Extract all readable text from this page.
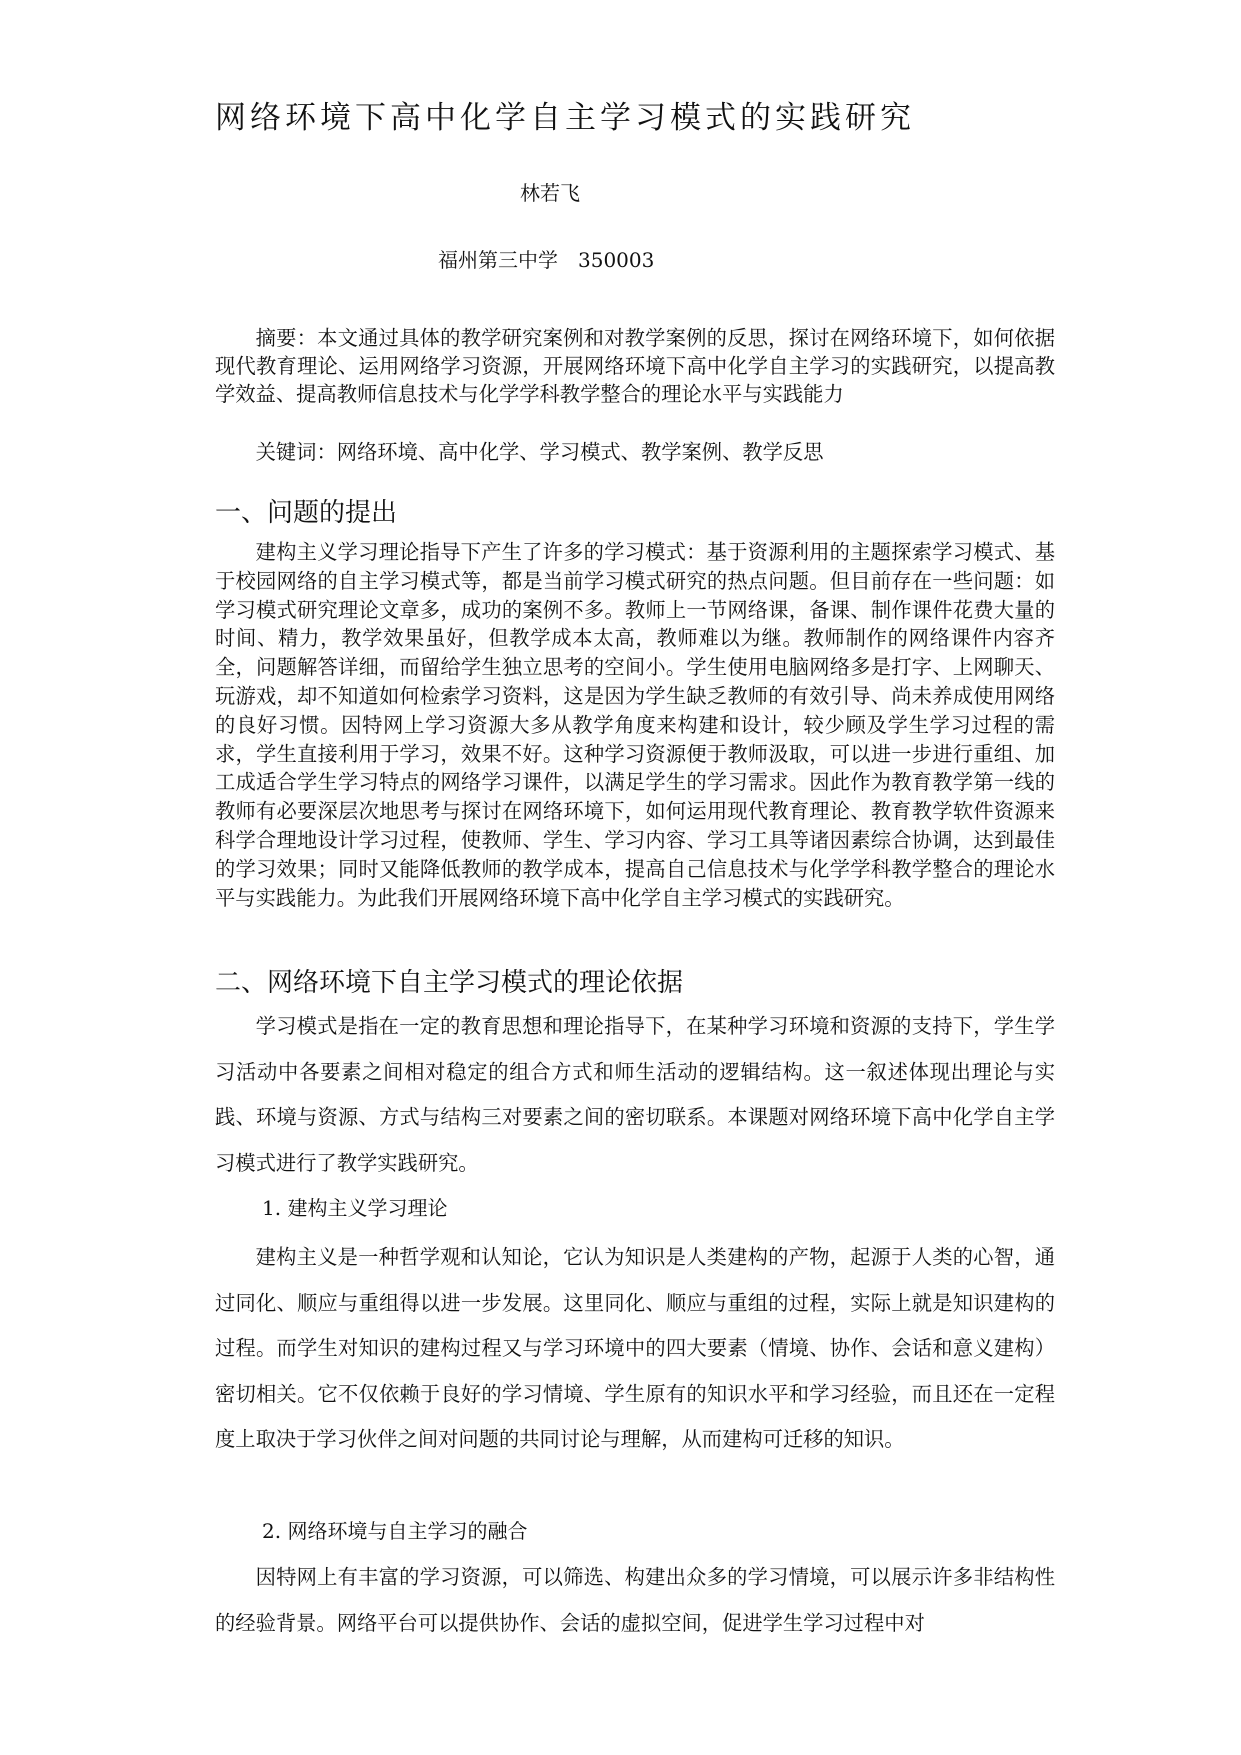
网络环境下高中化学自主学习模式的实践研究

林若飞

福州第三中学　350003

摘要：本文通过具体的教学研究案例和对教学案例的反思，探讨在网络环境下，如何依据现代教育理论、运用网络学习资源，开展网络环境下高中化学自主学习的实践研究，以提高教学效益、提高教师信息技术与化学学科教学整合的理论水平与实践能力

关键词：网络环境、高中化学、学习模式、教学案例、教学反思

一、问题的提出

建构主义学习理论指导下产生了许多的学习模式：基于资源利用的主题探索学习模式、基于校园网络的自主学习模式等，都是当前学习模式研究的热点问题。但目前存在一些问题：如学习模式研究理论文章多，成功的案例不多。教师上一节网络课，备课、制作课件花费大量的时间、精力，教学效果虽好，但教学成本太高，教师难以为继。教师制作的网络课件内容齐全，问题解答详细，而留给学生独立思考的空间小。学生使用电脑网络多是打字、上网聊天、玩游戏，却不知道如何检索学习资料，这是因为学生缺乏教师的有效引导、尚未养成使用网络的良好习惯。因特网上学习资源大多从教学角度来构建和设计，较少顾及学生学习过程的需求，学生直接利用于学习，效果不好。这种学习资源便于教师汲取，可以进一步进行重组、加工成适合学生学习特点的网络学习课件，以满足学生的学习需求。因此作为教育教学第一线的教师有必要深层次地思考与探讨在网络环境下，如何运用现代教育理论、教育教学软件资源来科学合理地设计学习过程，使教师、学生、学习内容、学习工具等诸因素综合协调，达到最佳的学习效果；同时又能降低教师的教学成本，提高自己信息技术与化学学科教学整合的理论水平与实践能力。为此我们开展网络环境下高中化学自主学习模式的实践研究。

二、网络环境下自主学习模式的理论依据

学习模式是指在一定的教育思想和理论指导下，在某种学习环境和资源的支持下，学生学习活动中各要素之间相对稳定的组合方式和师生活动的逻辑结构。这一叙述体现出理论与实践、环境与资源、方式与结构三对要素之间的密切联系。本课题对网络环境下高中化学自主学习模式进行了教学实践研究。

1. 建构主义学习理论

建构主义是一种哲学观和认知论，它认为知识是人类建构的产物，起源于人类的心智，通过同化、顺应与重组得以进一步发展。这里同化、顺应与重组的过程，实际上就是知识建构的过程。而学生对知识的建构过程又与学习环境中的四大要素（情境、协作、会话和意义建构）密切相关。它不仅依赖于良好的学习情境、学生原有的知识水平和学习经验，而且还在一定程度上取决于学习伙伴之间对问题的共同讨论与理解，从而建构可迁移的知识。

2. 网络环境与自主学习的融合

因特网上有丰富的学习资源，可以筛选、构建出众多的学习情境，可以展示许多非结构性的经验背景。网络平台可以提供协作、会话的虚拟空间，促进学生学习过程中对
